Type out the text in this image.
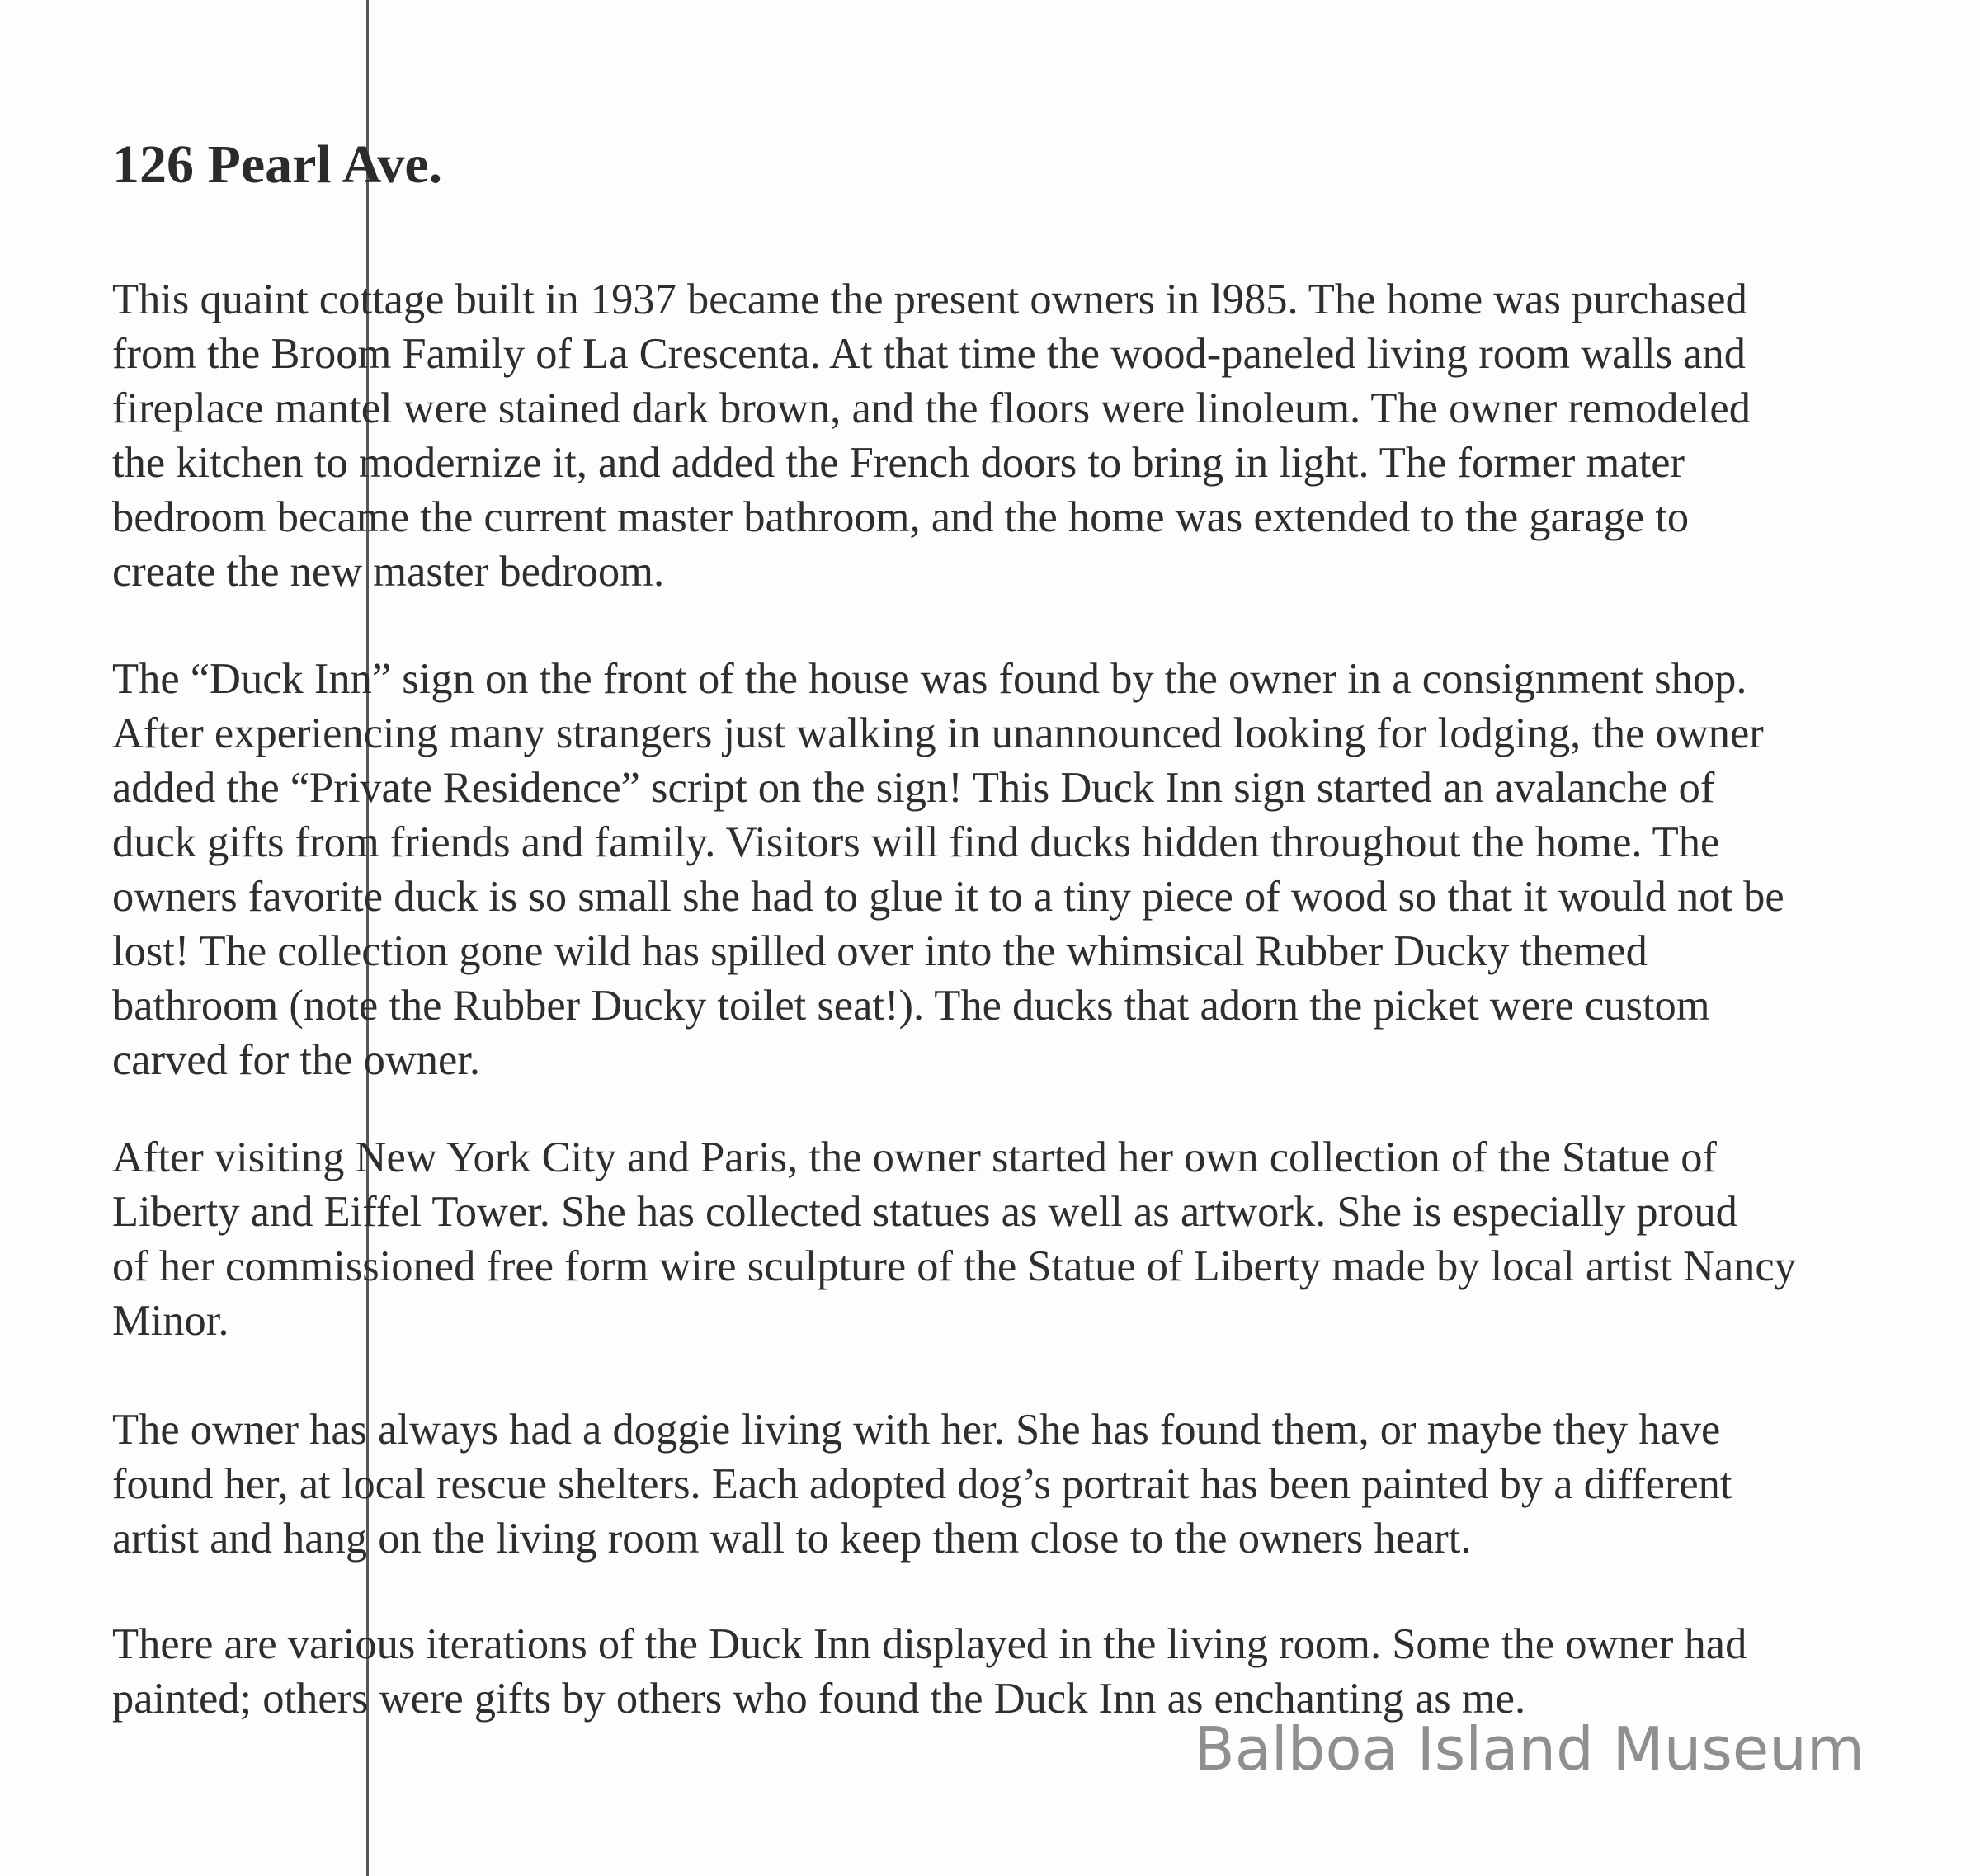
126 Pearl Ave.

This quaint cottage built in 1937 became the present owners in l985. The home was purchased
from the Broom Family of La Crescenta. At that time the wood-paneled living room walls and
fireplace mantel were stained dark brown, and the floors were linoleum. The owner remodeled
the kitchen to modernize it, and added the French doors to bring in light. The former mater
bedroom became the current master bathroom, and the home was extended to the garage to
create the new master bedroom.

The “Duck Inn” sign on the front of the house was found by the owner in a consignment shop.
After experiencing many strangers just walking in unannounced looking for lodging, the owner
added the “Private Residence” script on the sign! This Duck Inn sign started an avalanche of
duck gifts from friends and family. Visitors will find ducks hidden throughout the home. The
owners favorite duck is so small she had to glue it to a tiny piece of wood so that it would not be
lost! The collection gone wild has spilled over into the whimsical Rubber Ducky themed
bathroom (note the Rubber Ducky toilet seat!). The ducks that adorn the picket were custom
carved for the owner.

After visiting New York City and Paris, the owner started her own collection of the Statue of
Liberty and Eiffel Tower. She has collected statues as well as artwork. She is especially proud
of her commissioned free form wire sculpture of the Statue of Liberty made by local artist Nancy
Minor.

The owner has always had a doggie living with her. She has found them, or maybe they have
found her, at local rescue shelters. Each adopted dog’s portrait has been painted by a different
artist and hang on the living room wall to keep them close to the owners heart.

There are various iterations of the Duck Inn displayed in the living room. Some the owner had
painted; others were gifts by others who found the Duck Inn as enchanting as me.

Balboa Island Museum
